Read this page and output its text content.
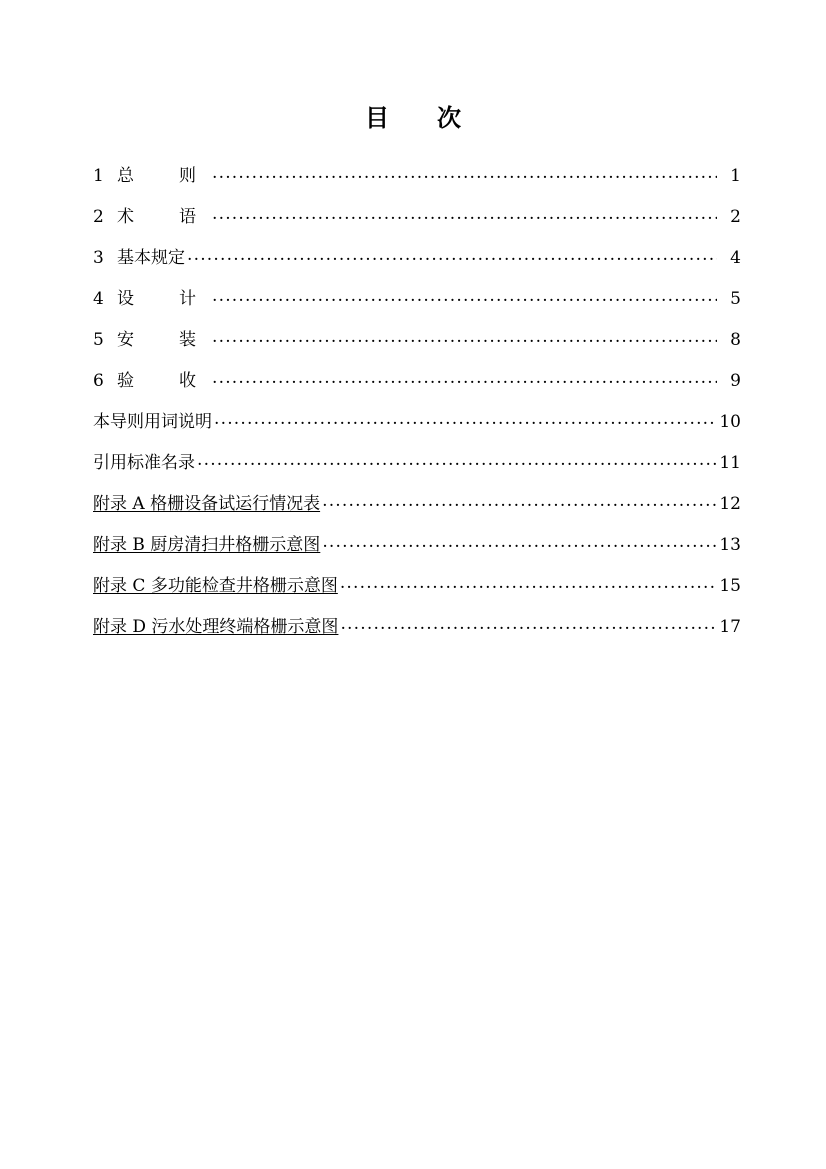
目　次
1 总　则 .....	1
2 术　语 .....	2
3 基本规定 .....	4
4 设　计 .....	5
5 安　装 .....	8
6 验　收 .....	9
本导则用词说明 .....	10
引用标准名录 .....	11
附录 A 格栅设备试运行情况表 .....	12
附录 B 厨房清扫井格栅示意图 .....	13
附录 C 多功能检查井格栅示意图 .....	15
附录 D 污水处理终端格栅示意图 .....	17
